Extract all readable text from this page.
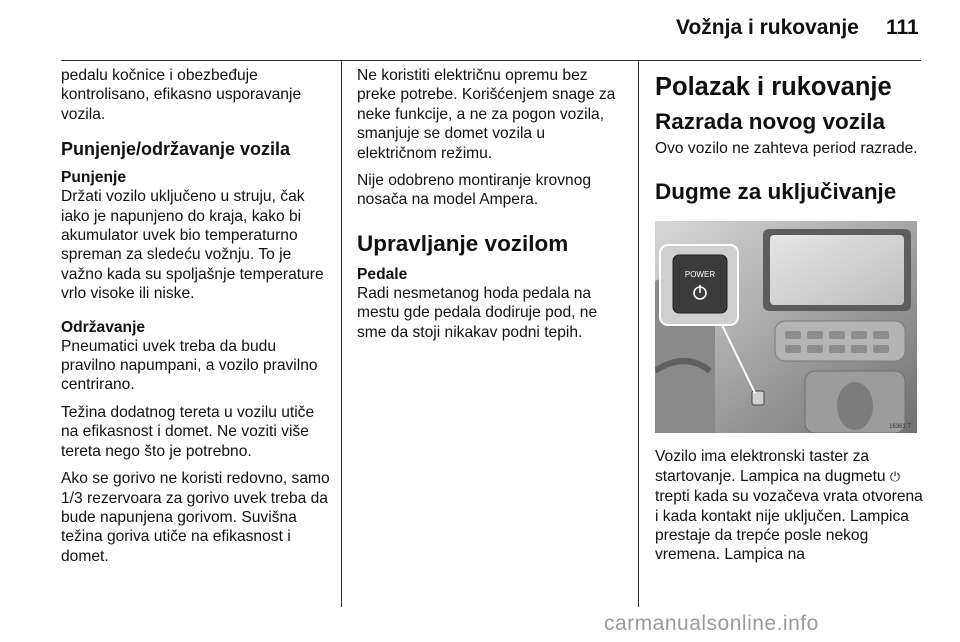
Vožnja i rukovanje 111

pedalu kočnice i obezbeđuje kontrolisano, efikasno usporavanje vozila.

Punjenje/održavanje vozila
Punjenje

Držati vozilo uključeno u struju, čak iako je napunjeno do kraja, kako bi akumulator uvek bio temperaturno spreman za sledeću vožnju. To je važno kada su spoljašnje temperature vrlo visoke ili niske.

Održavanje

Pneumatici uvek treba da budu pravilno napumpani, a vozilo pravilno centrirano.

Težina dodatnog tereta u vozilu utiče na efikasnost i domet. Ne voziti više tereta nego što je potrebno.

Ako se gorivo ne koristi redovno, samo 1/3 rezervoara za gorivo uvek treba da bude napunjena gorivom. Suvišna težina goriva utiče na efikasnost i domet.

Ne koristiti električnu opremu bez preke potrebe. Korišćenjem snage za neke funkcije, a ne za pogon vozila, smanjuje se domet vozila u električnom režimu.

Nije odobreno montiranje krovnog nosača na model Ampera.

Upravljanje vozilom
Pedale

Radi nesmetanog hoda pedala na mestu gde pedala dodiruje pod, ne sme da stoji nikakav podni tepih.

Polazak i rukovanje
Razrada novog vozila

Ovo vozilo ne zahteva period razrade.

Dugme za uključivanje
POWER
16361 T

Vozilo ima elektronski taster za startovanje. Lampica na dugmetu ⏻ trepti kada su vozačeva vrata otvorena i kada kontakt nije uključen. Lampica prestaje da trepće posle nekog vremena. Lampica na

carmanualsonline.info
